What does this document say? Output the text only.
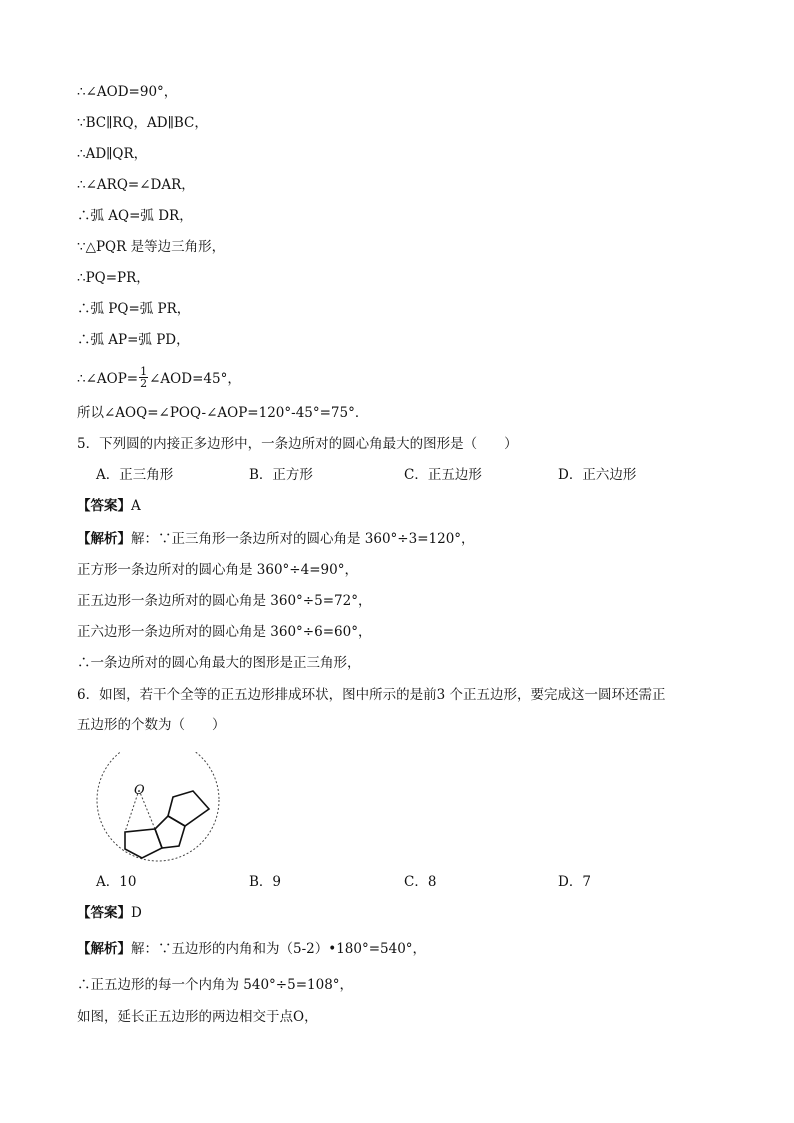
∴∠AOD=90°，
∵BC∥RQ，AD∥BC，
∴AD∥QR，
∴∠ARQ=∠DAR，
∴弧 AQ=弧 DR，
∵△PQR 是等边三角形，
∴PQ=PR，
∴弧 PQ=弧 PR，
∴弧 AP=弧 PD，
∴∠AOP= $\frac{1}{2}$ ∠AOD=45°，
所以∠AOQ=∠POQ-∠AOP=120°-45°=75°．
5．下列圆的内接正多边形中，一条边所对的圆心角最大的图形是（　　）
A．正三角形	B．正方形	C．正五边形	D．正六边形
【答案】A
【解析】解：∵正三角形一条边所对的圆心角是 360°÷3=120°，
正方形一条边所对的圆心角是 360°÷4=90°，
正五边形一条边所对的圆心角是 360°÷5=72°，
正六边形一条边所对的圆心角是 360°÷6=60°，
∴一条边所对的圆心角最大的图形是正三角形，
6．如图，若干个全等的正五边形排成环状，图中所示的是前3 个正五边形，要完成这一圆环还需正
五边形的个数为（　　）
O
A．10	B．9	C．8	D．7
【答案】D
【解析】解：∵五边形的内角和为（5-2）•180°=540°，
∴正五边形的每一个内角为 540°÷5=108°，
如图，延长正五边形的两边相交于点O，
